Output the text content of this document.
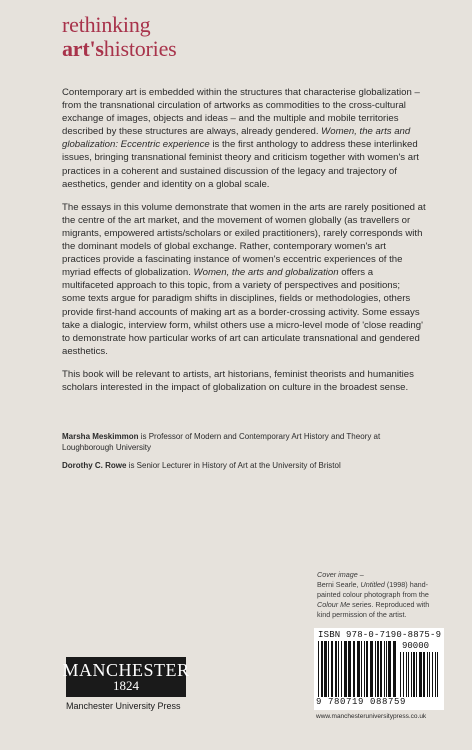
rethinking
art'shistories

Contemporary art is embedded within the structures that characterise globalization – from the transnational circulation of artworks as commodities to the cross-cultural exchange of images, objects and ideas – and the multiple and mobile territories described by these structures are always, already gendered. Women, the arts and globalization: Eccentric experience is the first anthology to address these interlinked issues, bringing transnational feminist theory and criticism together with women's art practices in a coherent and sustained discussion of the legacy and trajectory of aesthetics, gender and identity on a global scale.

The essays in this volume demonstrate that women in the arts are rarely positioned at the centre of the art market, and the movement of women globally (as travellers or migrants, empowered artists/scholars or exiled practitioners), rarely corresponds with the dominant models of global exchange. Rather, contemporary women's art practices provide a fascinating instance of women's eccentric experiences of the myriad effects of globalization. Women, the arts and globalization offers a multifaceted approach to this topic, from a variety of perspectives and positions; some texts argue for paradigm shifts in disciplines, fields or methodologies, others provide first-hand accounts of making art as a border-crossing activity. Some essays take a dialogic, interview form, whilst others use a micro-level mode of 'close reading' to demonstrate how particular works of art can articulate transnational and gendered aesthetics.

This book will be relevant to artists, art historians, feminist theorists and humanities scholars interested in the impact of globalization on culture in the broadest sense.

Marsha Meskimmon is Professor of Modern and Contemporary Art History and Theory at Loughborough University

Dorothy C. Rowe is Senior Lecturer in History of Art at the University of Bristol

Cover image –
Berni Searle, Untitled (1998) hand-painted colour photograph from the Colour Me series. Reproduced with kind permission of the artist.
ISBN 978-0-7190-8875-9
90000
9 780719 088759
MANCHESTER
1824
Manchester University Press
www.manchesteruniversitypress.co.uk
